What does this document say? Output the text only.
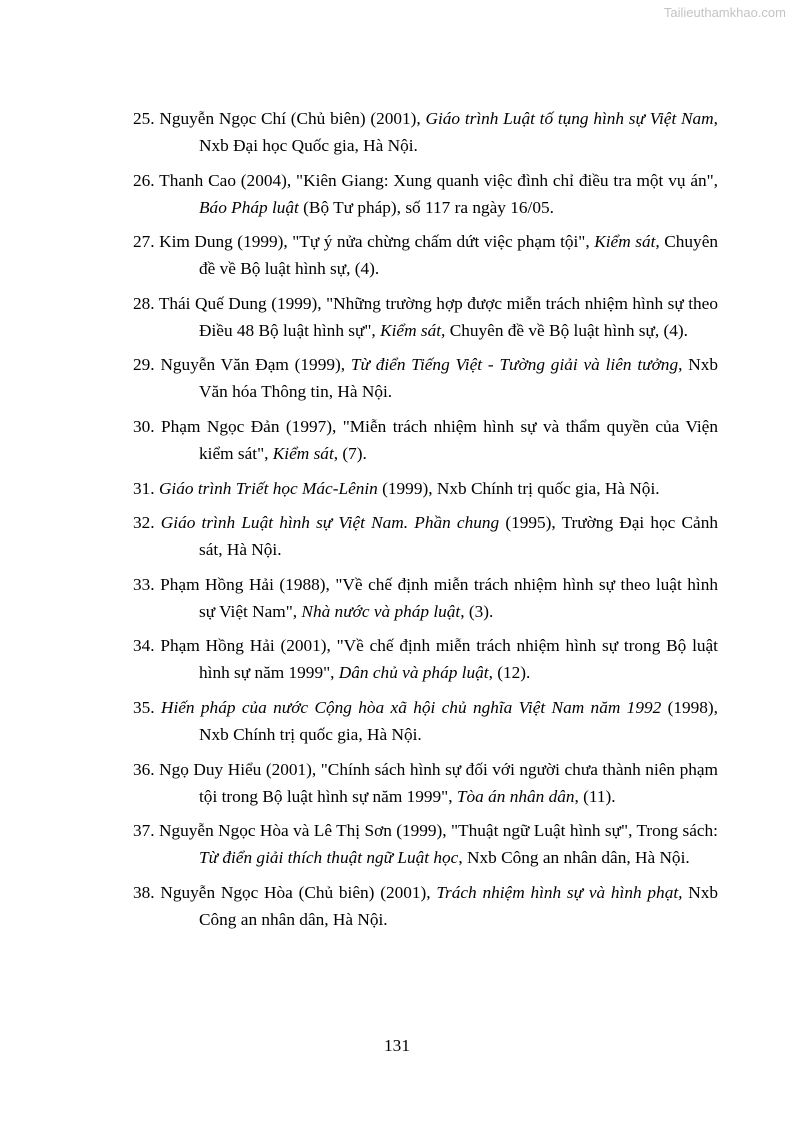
Tailieuthamkhao.com
25. Nguyễn Ngọc Chí (Chủ biên) (2001), Giáo trình Luật tố tụng hình sự Việt Nam, Nxb Đại học Quốc gia, Hà Nội.
26. Thanh Cao (2004), "Kiên Giang: Xung quanh việc đình chỉ điều tra một vụ án", Báo Pháp luật (Bộ Tư pháp), số 117 ra ngày 16/05.
27. Kim Dung (1999), "Tự ý nửa chừng chấm dứt việc phạm tội", Kiểm sát, Chuyên đề về Bộ luật hình sự, (4).
28. Thái Quế Dung (1999), "Những trường hợp được miễn trách nhiệm hình sự theo Điều 48 Bộ luật hình sự", Kiểm sát, Chuyên đề về Bộ luật hình sự, (4).
29. Nguyễn Văn Đạm (1999), Từ điển Tiếng Việt - Tường giải và liên tưởng, Nxb Văn hóa Thông tin, Hà Nội.
30. Phạm Ngọc Đản (1997), "Miễn trách nhiệm hình sự và thẩm quyền của Viện kiểm sát", Kiểm sát, (7).
31. Giáo trình Triết học Mác-Lênin (1999), Nxb Chính trị quốc gia, Hà Nội.
32. Giáo trình Luật hình sự Việt Nam. Phần chung (1995), Trường Đại học Cảnh sát, Hà Nội.
33. Phạm Hồng Hải (1988), "Về chế định miễn trách nhiệm hình sự theo luật hình sự Việt Nam", Nhà nước và pháp luật, (3).
34. Phạm Hồng Hải (2001), "Về chế định miễn trách nhiệm hình sự trong Bộ luật hình sự năm 1999", Dân chủ và pháp luật, (12).
35. Hiến pháp của nước Cộng hòa xã hội chủ nghĩa Việt Nam năm 1992 (1998), Nxb Chính trị quốc gia, Hà Nội.
36. Ngọ Duy Hiểu (2001), "Chính sách hình sự đối với người chưa thành niên phạm tội trong Bộ luật hình sự năm 1999", Tòa án nhân dân, (11).
37. Nguyễn Ngọc Hòa và Lê Thị Sơn (1999), "Thuật ngữ Luật hình sự", Trong sách: Từ điển giải thích thuật ngữ Luật học, Nxb Công an nhân dân, Hà Nội.
38. Nguyễn Ngọc Hòa (Chủ biên) (2001), Trách nhiệm hình sự và hình phạt, Nxb Công an nhân dân, Hà Nội.
131
